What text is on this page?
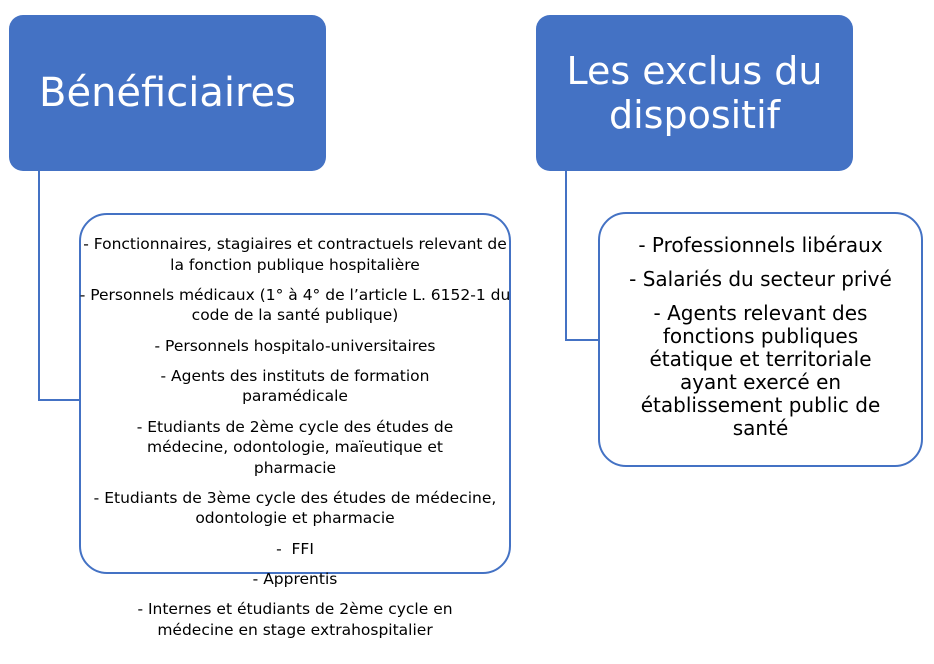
Bénéficiaires	Les exclus du dispositif
- Fonctionnaires, stagiaires et contractuels relevant de la fonction publique hospitalière
- Personnels médicaux (1° à 4° de l’article L. 6152-1 du code de la santé publique)
- Personnels hospitalo-universitaires
- Agents des instituts de formation paramédicale
- Etudiants de 2ème cycle des études de médecine, odontologie, maïeutique et pharmacie
- Etudiants de 3ème cycle des études de médecine, odontologie et pharmacie
-  FFI
- Apprentis
- Internes et étudiants de 2ème cycle en médecine en stage extrahospitalier
- Professionnels libéraux
- Salariés du secteur privé
- Agents relevant des fonctions publiques étatique et territoriale ayant exercé en établissement public de santé
